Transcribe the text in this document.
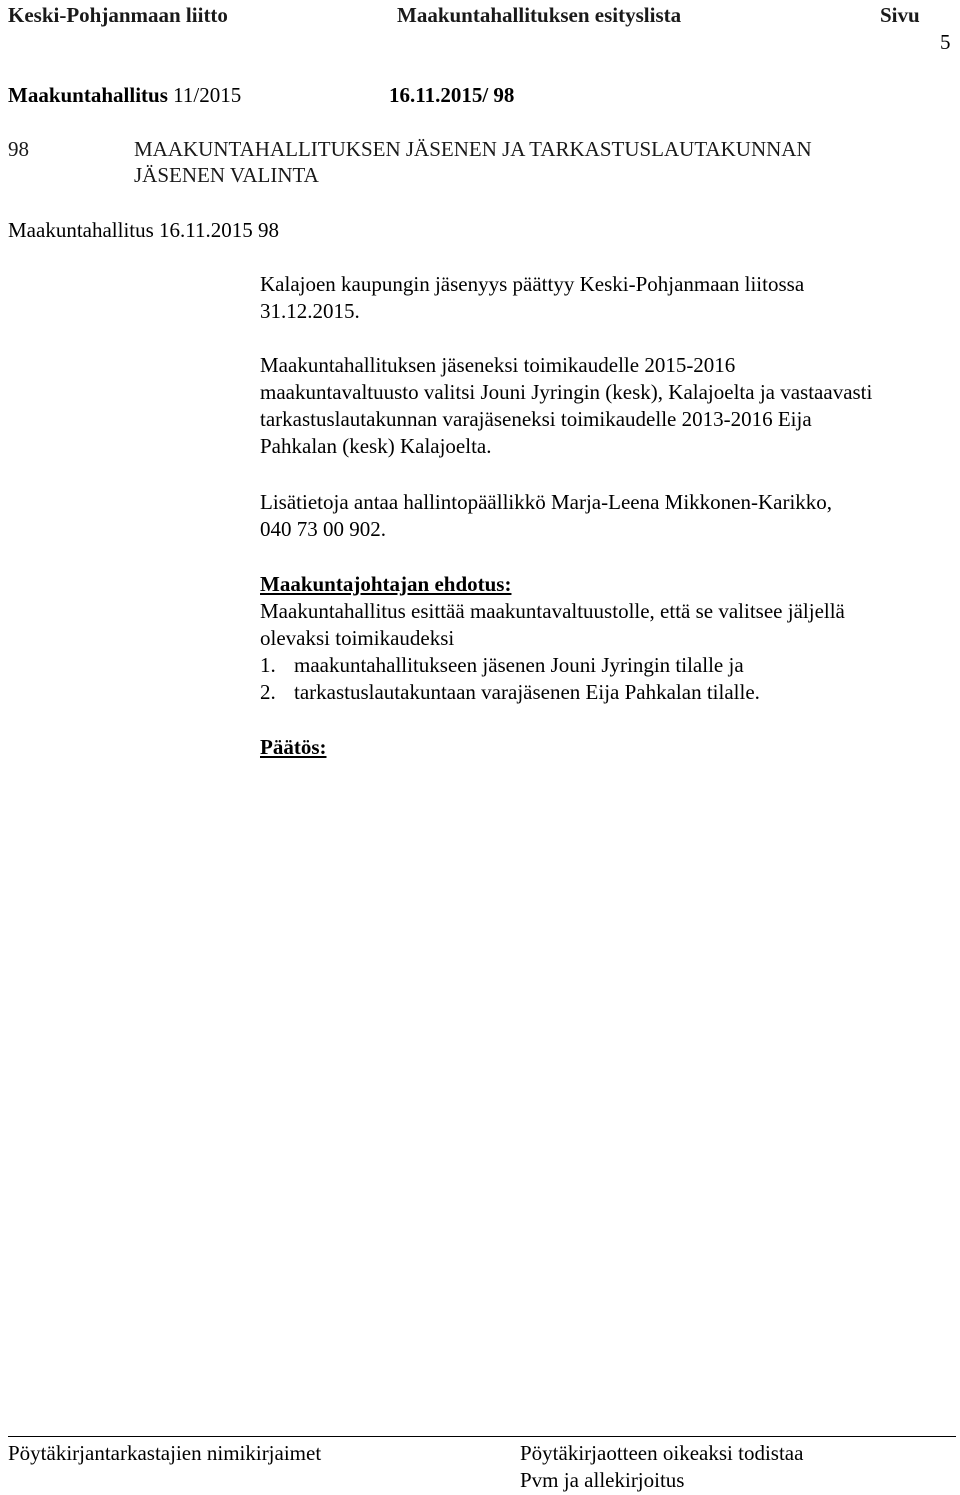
Keski-Pohjanmaan liitto	Maakuntahallituksen esityslista	Sivu
5
Maakuntahallitus 11/2015	16.11.2015/ 98
98	MAAKUNTAHALLITUKSEN JÄSENEN JA TARKASTUSLAUTAKUNNAN
JÄSENEN VALINTA
Maakuntahallitus 16.11.2015 98
Kalajoen kaupungin jäsenyys päättyy Keski-Pohjanmaan liitossa
31.12.2015.
Maakuntahallituksen jäseneksi toimikaudelle 2015-2016
maakuntavaltuusto valitsi Jouni Jyringin (kesk), Kalajoelta ja vastaavasti
tarkastuslautakunnan varajäseneksi toimikaudelle 2013-2016 Eija
Pahkalan (kesk) Kalajoelta.
Lisätietoja antaa hallintopäällikkö Marja-Leena Mikkonen-Karikko,
040 73 00 902.
Maakuntajohtajan ehdotus:
Maakuntahallitus esittää maakuntavaltuustolle, että se valitsee jäljellä
olevaksi toimikaudeksi
1. maakuntahallitukseen jäsenen Jouni Jyringin tilalle ja
2. tarkastuslautakuntaan varajäsenen Eija Pahkalan tilalle.
Päätös:
Pöytäkirjantarkastajien nimikirjaimet	Pöytäkirjaotteen oikeaksi todistaa
Pvm ja allekirjoitus
